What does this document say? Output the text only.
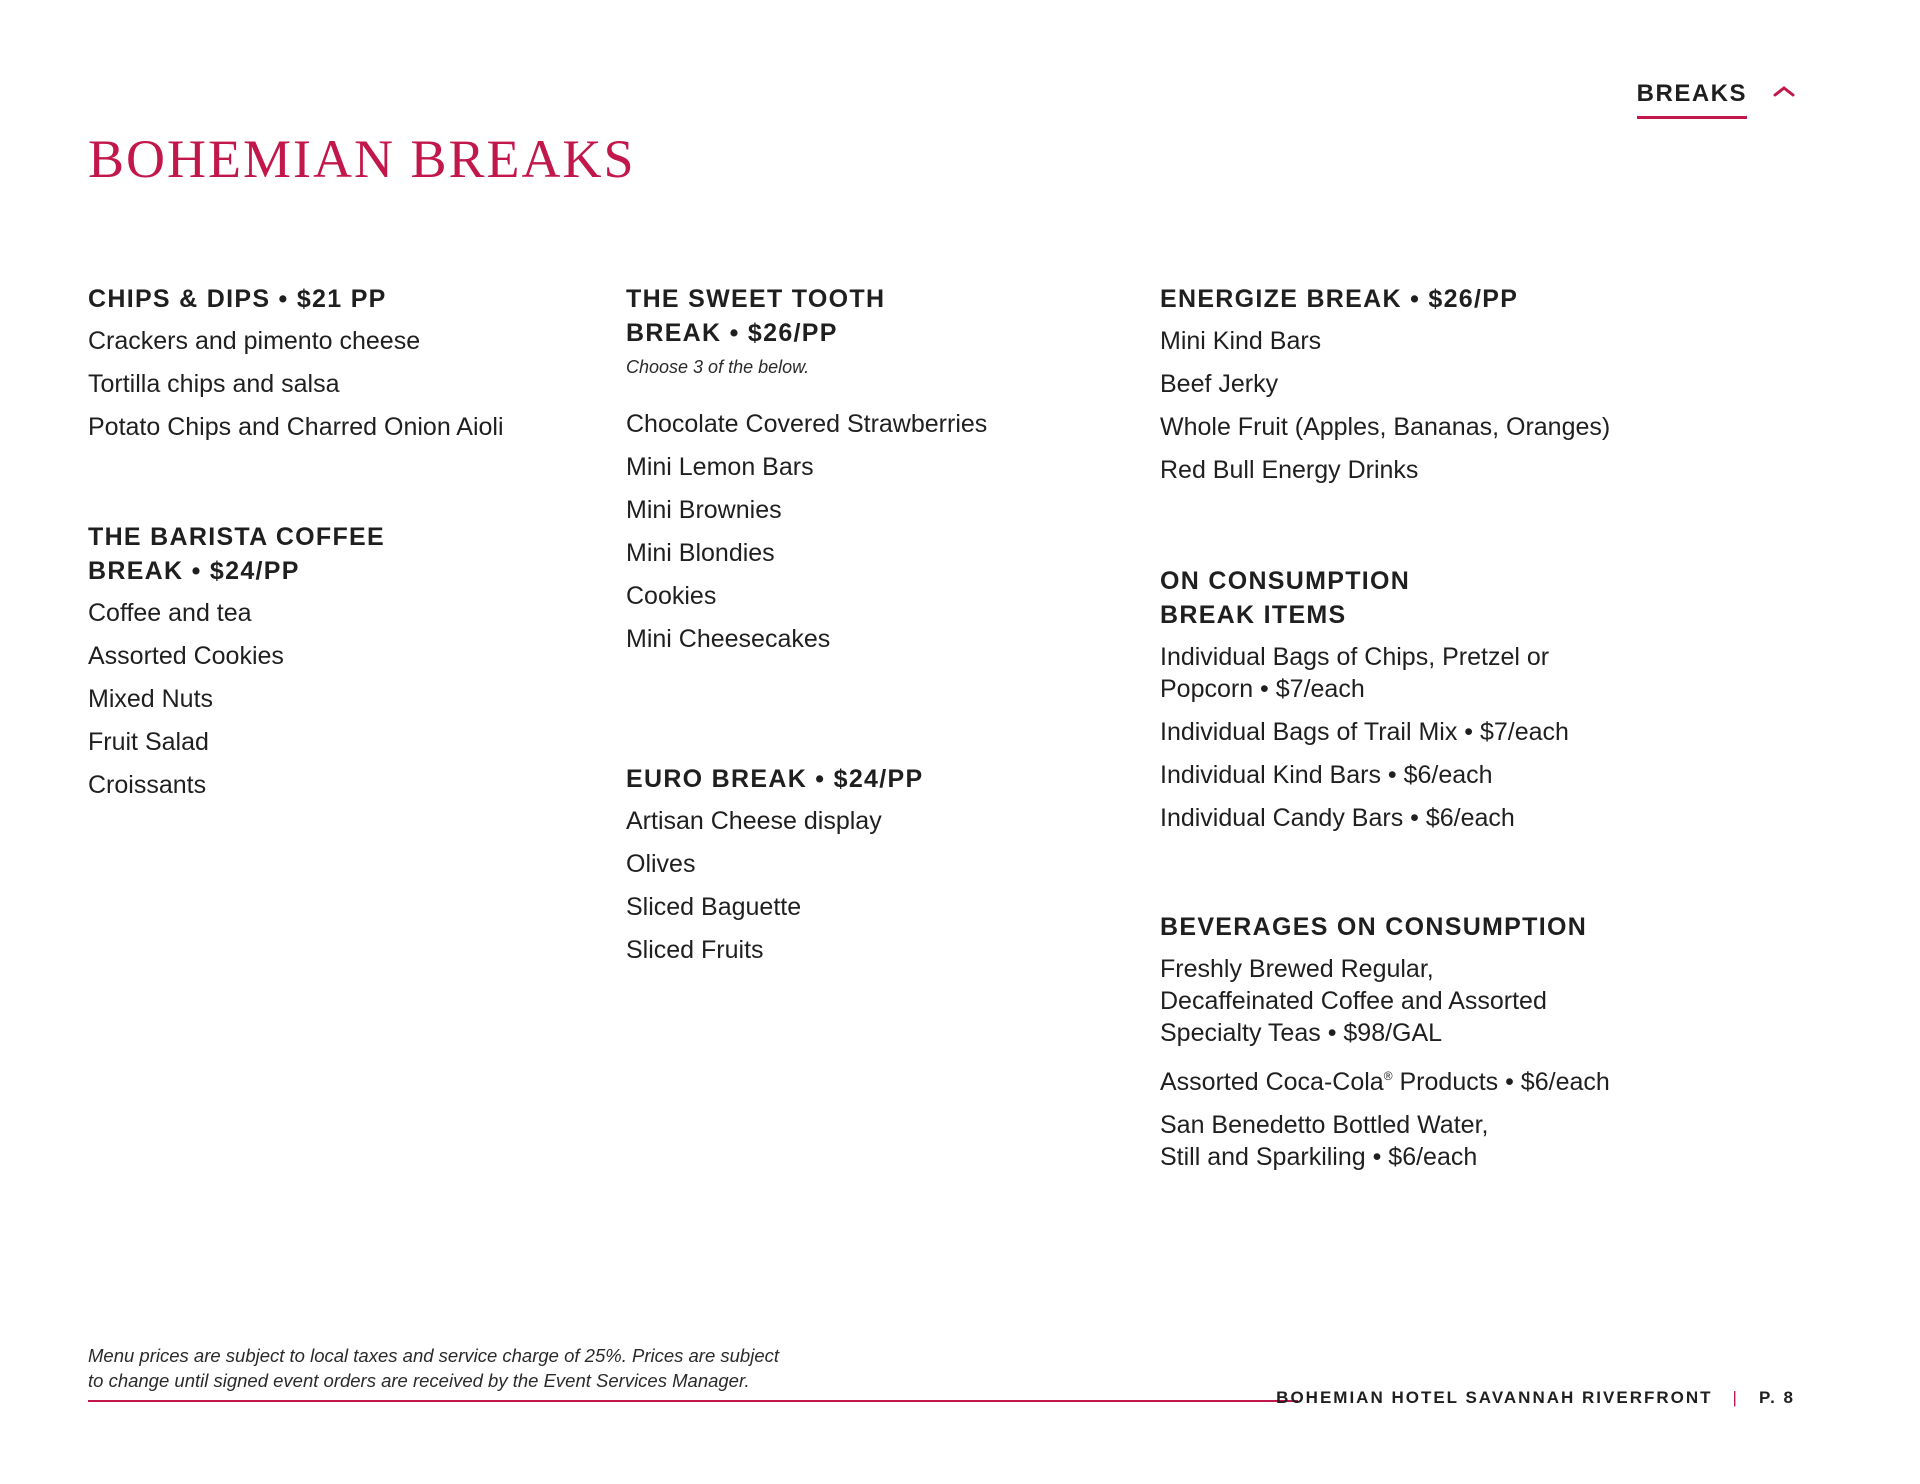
BREAKS
BOHEMIAN BREAKS
CHIPS & DIPS • $21 PP
Crackers and pimento cheese
Tortilla chips and salsa
Potato Chips and Charred Onion Aioli
THE BARISTA COFFEE
BREAK • $24/PP
Coffee and tea
Assorted Cookies
Mixed Nuts
Fruit Salad
Croissants
THE SWEET TOOTH
BREAK • $26/PP
Choose 3 of the below.
Chocolate Covered Strawberries
Mini Lemon Bars
Mini Brownies
Mini Blondies
Cookies
Mini Cheesecakes
EURO BREAK • $24/PP
Artisan Cheese display
Olives
Sliced Baguette
Sliced Fruits
ENERGIZE BREAK • $26/PP
Mini Kind Bars
Beef Jerky
Whole Fruit (Apples, Bananas, Oranges)
Red Bull Energy Drinks
ON CONSUMPTION
BREAK ITEMS
Individual Bags of Chips, Pretzel or
Popcorn • $7/each
Individual Bags of Trail Mix • $7/each
Individual Kind Bars • $6/each
Individual Candy Bars • $6/each
BEVERAGES ON CONSUMPTION
Freshly Brewed Regular,
Decaffeinated Coffee and Assorted
Specialty Teas • $98/GAL
Assorted Coca-Cola® Products • $6/each
San Benedetto Bottled Water,
Still and Sparkiling • $6/each
Menu prices are subject to local taxes and service charge of 25%. Prices are subject
to change until signed event orders are received by the Event Services Manager.
BOHEMIAN HOTEL SAVANNAH RIVERFRONT | P. 8
